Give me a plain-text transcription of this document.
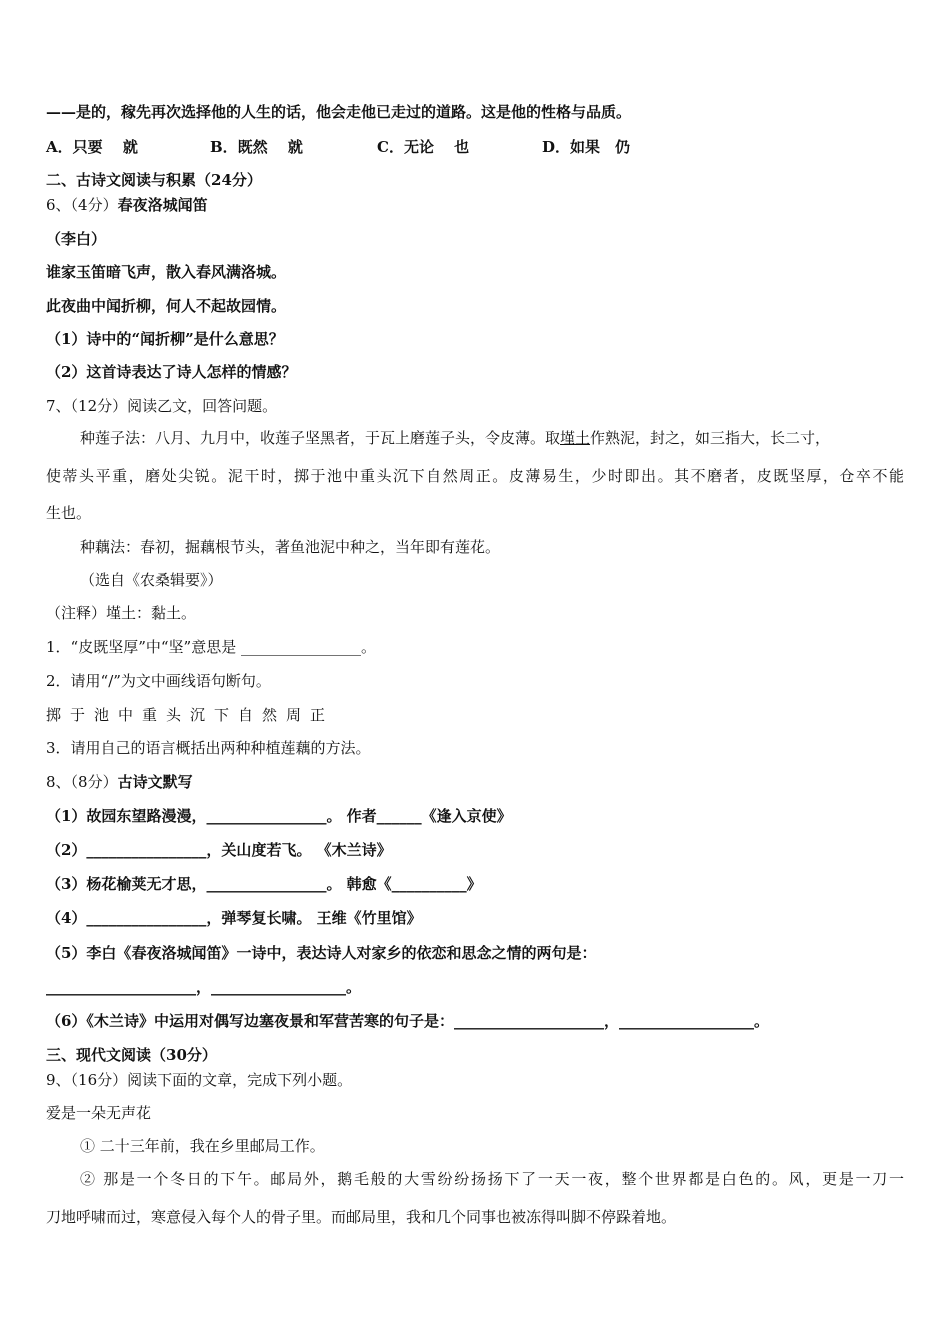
——是的，稼先再次选择他的人生的话，他会走他已走过的道路。这是他的性格与品质。
A．只要　 就	B．既然　 就	C．无论　 也	D．如果　仍
二、古诗文阅读与积累（24分）
6、（4分）春夜洛城闻笛
（李白）
谁家玉笛暗飞声，散入春风满洛城。
此夜曲中闻折柳，何人不起故园情。
（1）诗中的“闻折柳”是什么意思？
（2）这首诗表达了诗人怎样的情感？
7、（12分）阅读乙文，回答问题。
种莲子法：八月、九月中，收莲子坚黑者，于瓦上磨莲子头，令皮薄。取墐土作熟泥，封之，如三指大，长二寸，
使蒂头平重，磨处尖锐。泥干时，掷于池中重头沉下自然周正。皮薄易生，少时即出。其不磨者，皮既坚厚，仓卒不能
生也。
种藕法：春初，掘藕根节头，著鱼池泥中种之，当年即有莲花。
（选自《农桑辑要》）
（注释）墐土：黏土。
1．“皮既坚厚”中“坚”意思是 ________________。
2．请用“/”为文中画线语句断句。
掷于池中重头沉下自然周正
3．请用自己的语言概括出两种种植莲藕的方法。
8、（8分）古诗文默写
（1）故园东望路漫漫，________________。 作者______《逢入京使》
（2）________________，关山度若飞。 《木兰诗》
（3）杨花榆荚无才思，________________。 韩愈《__________》
（4）________________，弹琴复长啸。 王维《竹里馆》
（5）李白《春夜洛城闻笛》一诗中，表达诗人对家乡的依恋和思念之情的两句是：
____________________，__________________。
（6）《木兰诗》中运用对偶写边塞夜景和军营苦寒的句子是：____________________，__________________。
三、现代文阅读（30分）
9、（16分）阅读下面的文章，完成下列小题。
爱是一朵无声花
① 二十三年前，我在乡里邮局工作。
② 那是一个冬日的下午。邮局外，鹅毛般的大雪纷纷扬扬下了一天一夜，整个世界都是白色的。风，更是一刀一
刀地呼啸而过，寒意侵入每个人的骨子里。而邮局里，我和几个同事也被冻得叫脚不停跺着地。
